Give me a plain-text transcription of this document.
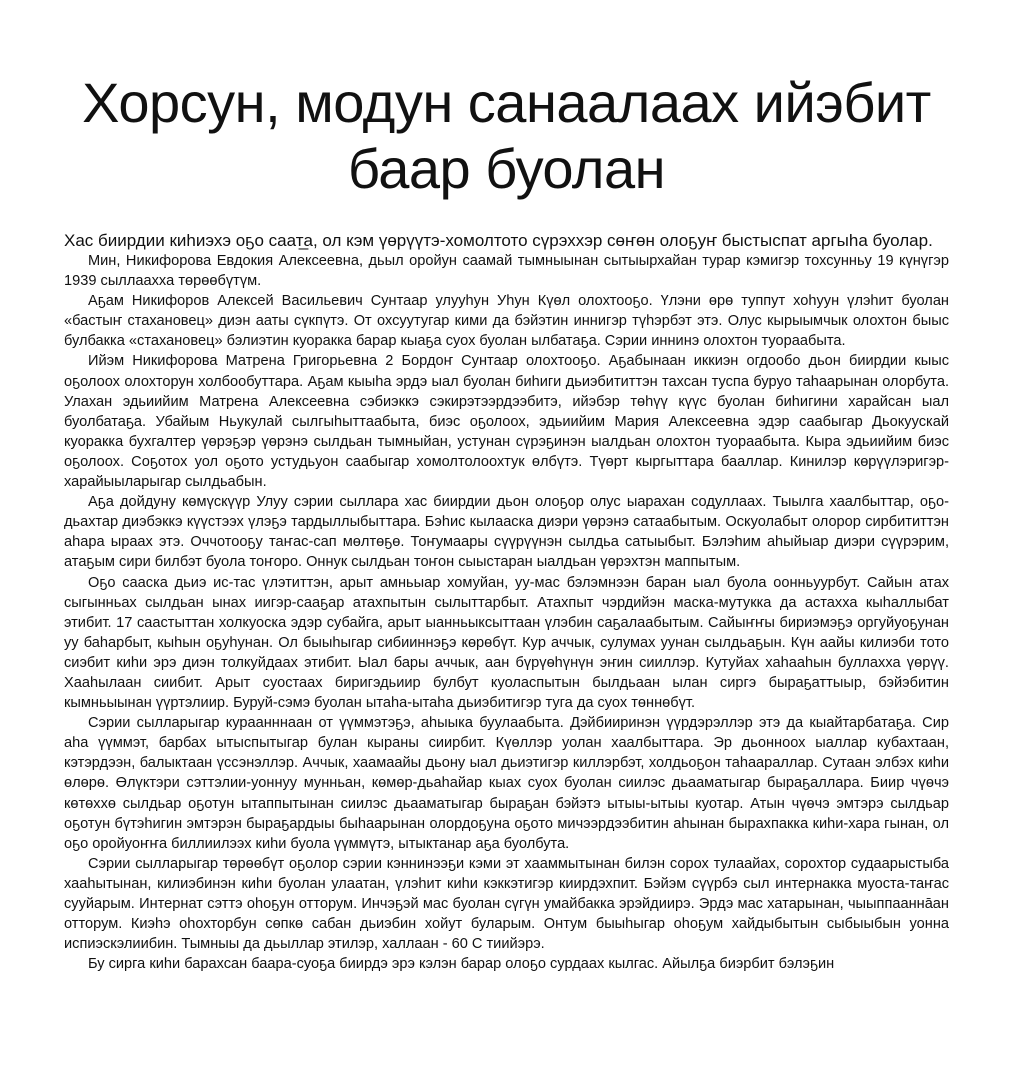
Хорсун, модун санаалаах ийэбит баар буолан

Хас биирдии киһиэхэ оҕо саат̲а, ол кэм үөрүүтэ-хомолтото сүрэххэр сөҥөн олоҕуҥ быстыспат аргыһа буолар.

Мин, Никифорова Евдокия Алексеевна, дьыл оройун саамай тымныынан сытыырхайан турар кэмигэр тохсунньу 19 күнүгэр 1939 сыллааххa төрөөбүтүм.

Аҕам Никифоров Алексей Васильевич Сунтаар улууһун Уһун Күөл олохтооҕо. Үлэни өрө туппут хоһуун үлэһит буолан «бастыҥ стахановец» диэн ааты сүкпүтэ. От охсуутугар кими да бэйэтин иннигэр түһэрбэт этэ. Олус кырыымчык олохтон быыс булбакка «стахановец» бэлиэтин куоракка барар кыаҕа суох буолан ылбатаҕа. Сэрии иннинэ олохтон туораабыта.

Ийэм Никифорова Матрена Григорьевна 2 Бордоҥ Сунтаар олохтооҕо. Аҕабынаан иккиэн огдообо дьон биирдии кыыс оҕолоох олохторун холбообуттара. Аҕам кыыһа эрдэ ыал буолан биһиги дьиэбититтэн тахсан туспа буруо таһаарынан олорбута. Улахан эдьиийим Матрена Алексеевна сэбиэккэ сэкирэтээрдээбитэ, ийэбэр төһүү күүс буолан биһигини харайсан ыал буолбатаҕа. Убайым Ньукулай сылгыһыттаабыта, биэс оҕолоох, эдьиийим Мария Алексеевна эдэр саабыгар Дьокуускай куоракка бухгалтер үөрэҕэр үөрэнэ сылдьан тымныйан, устунан сүрэҕинэн ыалдьан олохтон туораабыта. Кыра эдьиийим биэс оҕолоох. Соҕотох уол оҕото устудьуон саабыгар хомолтолоохтук өлбүтэ. Түөрт кыргыттара бааллар. Кинилэр көрүүлэригэр-харайыыларыгар сылдьабын.

Аҕа дойдуну көмүскүүр Улуу сэрии сыллара хас биирдии дьон олоҕор олус ыарахан содуллаах. Тыылга хаалбыттар, оҕо-дьахтар диэбэккэ күүстээх үлэҕэ тардыллыбыттара. Бэһис кылааска диэри үөрэнэ сатаабытым. Оскуолабыт олорор сирбититтэн аһара ыраах этэ. Оччотооҕу таҥас-сап мөлтөҕө. Тоҥумаары сүүрүүнэн сылдьа сатыыбыт. Бэлэһим аһыйыар диэри сүүрэрим, атаҕым сири билбэт буола тоҥоро. Оннук сылдьан тоҥон сыыстаран ыалдьан үөрэхтэн маппытым.

Оҕо сааска дьиэ ис-тас үлэтиттэн, арыт амньыар хомуйан, уу-мас бэлэмнээн баран ыал буола оонньуурбут. Сайын атах сыгынньах сылдьан ынах иигэр-сааҕар атахпытын сылыттарбыт. Атахпыт чэрдийэн маска-мутукка да астахха кыһаллыбат этибит. 17 саастыттан холкуоска эдэр субайга, арыт ыанньыксыттаан үлэбин саҕалаабытым. Сайыҥҥы бириэмэҕэ оргуйуоҕунан уу баһарбыт, кыһын оҕуһунан. Ол быыһыгар сибииннэҕэ көрөбүт. Кур аччык, сулумах уунан сылдьаҕын. Күн аайы килиэби тото сиэбит киһи эрэ диэн толкуйдаах этибит. Ыал бары аччык, аан бүрүөһүнүн эҥин сииллэр. Кутуйах хаһааһын буллахха үөрүү. Хааһылаан сиибит. Арыт суостаах биригэдьиир булбут куоласпытын былдьаан ылан сиргэ быраҕаттыыр, бэйэбитин кымньыынан үүртэлиир. Буруй-сэмэ буолан ытаһа-ытаһа дьиэбитигэр туга да суох төннөбүт.

Сэрии сылларыгар кураанннаан от үүммэтэҕэ, аһыыка буулаабыта. Дэйбииринэн үүрдэрэллэр этэ да кыайтарбатаҕа. Сир аһа үүммэт, барбах ытыспытыгар булан кыраны сиирбит. Күөллэр уолан хаалбыттара. Эр дьонноох ыаллар кубахтаан, кэтэрдээн, балыктаан үссэнэллэр. Аччык, хаамаайы дьону ыал дьиэтигэр киллэрбэт, холдьоҕон таһаараллар. Сутаан элбэх киһи өлөрө. Өлүктэри сэттэлии-уоннуу мунньан, көмөр-дьаһайар кыах суох буолан сиилэс дьааматыгар быраҕаллара. Биир чүөчэ көтөххө сылдьар оҕотун ытаппытынан сиилэс дьааматыгар быраҕан бэйэтэ ытыы-ытыы куотар. Атын чүөчэ эмтэрэ сылдьар оҕотун бүтэһигин эмтэрэн быраҕардыы быһаарынан олордоҕуна оҕото мичээрдээбитин аһынан бырахпакка киһи-хара гынан, ол оҕо оройуоҥҥа биллиилээх киһи буола үүммүтэ, ытыктанар аҕа буолбута.

Сэрии сылларыгар төрөөбүт оҕолор сэрии кэннинээҕи кэми эт хааммытынан билэн сорох тулаайах, сорохтор судаарыстыба хааһытынан, килиэбинэн киһи буолан улаатан, үлэһит киһи кэккэтигэр киирдэхпит. Бэйэм сүүрбэ сыл интернакка муоста-таҥас сууйарым. Интернат сэттэ оһоҕун отторум. Инчэҕэй мас буолан сүгүн умайбакка эрэйдиирэ. Эрдэ мас хатарынан, чыыппаанна̄ан отторум. Киэһэ оһохторбун сөпкө сабан дьиэбин хойут буларым. Онтум быыһыгар оһоҕум хайдыбытын сыбыыбын уонна испиэскэлиибин. Тымныы да дьыллар этилэр, халлаан - 60 С тиийэрэ.

Бу сирга киһи барахсан баара-суоҕа биирдэ эрэ кэлэн барар олоҕо сурдаах кылгас. Айылҕа биэрбит бэлэҕин
